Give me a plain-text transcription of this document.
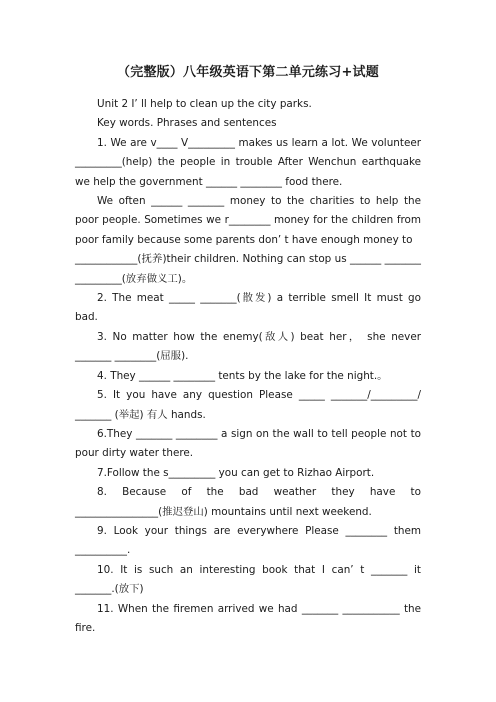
（完整版）八年级英语下第二单元练习+试题

Unit 2 I’ ll help to clean up the city parks.

Key words. Phrases and sentences

1. We are v____ V_________ makes us learn a lot. We volunteer _________(help) the people in trouble After Wenchun earthquake we help the government ______ ________ food there.

We often ______ _______ money to the charities to help the poor people. Sometimes we r________ money for the children from poor family because some parents don’ t have enough money to

____________(抚养)their children. Nothing can stop us ______ _______ _________(放弃做义工)。

2. The meat _____ _______(散发) a terrible smell It must go bad.

3. No matter how the enemy(敌人) beat her， she never _______ ________(屈服).

4. They ______ ________ tents by the lake for the night.。

5. It you have any question Please _____ _______/_________/ _______ (举起) 有人 hands.

6.They _______ ________ a sign on the wall to tell people not to pour dirty water there.

7.Follow the s_________ you can get to Rizhao Airport.

8. Because of the bad weather they have to ________________(推迟登山) mountains until next weekend.

9. Look your things are everywhere Please ________ them __________.

10. It is such an interesting book that I can’ t _______ it _______.(放下)

11. When the firemen arrived we had _______ ___________ the fire.
